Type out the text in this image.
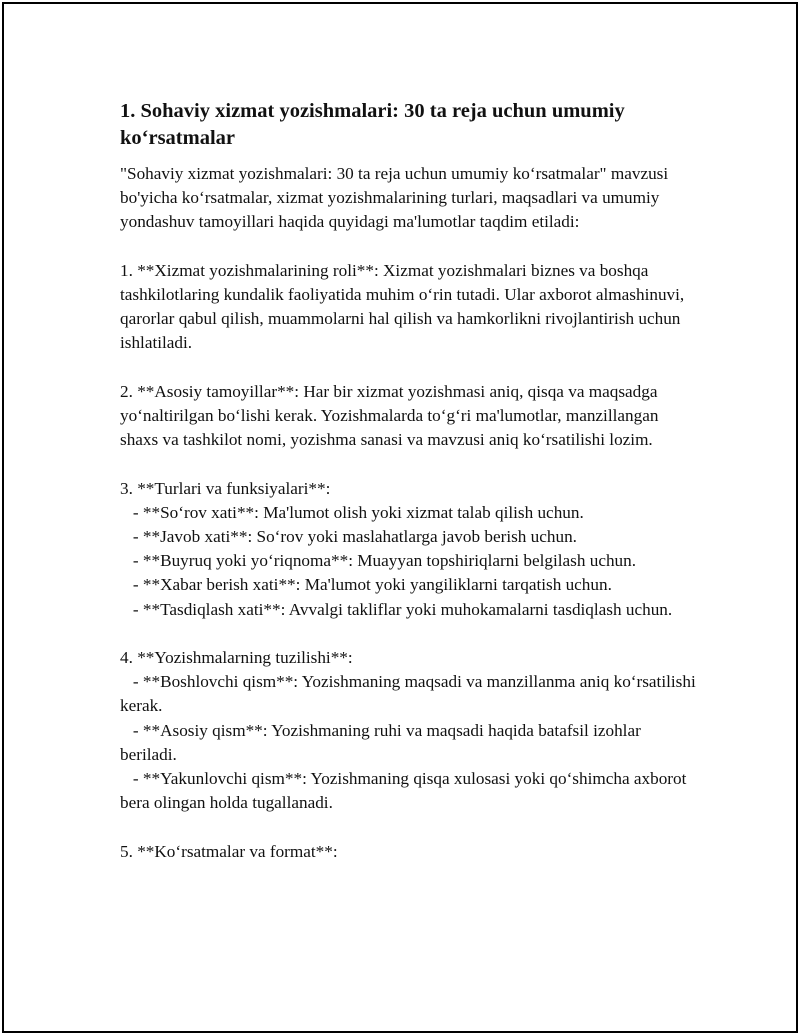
1. Sohaviy xizmat yozishmalari: 30 ta reja uchun umumiy koʻrsatmalar

"Sohaviy xizmat yozishmalari: 30 ta reja uchun umumiy koʻrsatmalar" mavzusi bo'yicha koʻrsatmalar, xizmat yozishmalarining turlari, maqsadlari va umumiy yondashuv tamoyillari haqida quyidagi ma'lumotlar taqdim etiladi:

1. **Xizmat yozishmalarining roli**: Xizmat yozishmalari biznes va boshqa tashkilotlaring kundalik faoliyatida muhim oʻrin tutadi. Ular axborot almashinuvi, qarorlar qabul qilish, muammolarni hal qilish va hamkorlikni rivojlantirish uchun ishlatiladi.

2. **Asosiy tamoyillar**: Har bir xizmat yozishmasi aniq, qisqa va maqsadga yoʻnaltirilgan boʻlishi kerak. Yozishmalarda toʻgʻri ma'lumotlar, manzillangan shaxs va tashkilot nomi, yozishma sanasi va mavzusi aniq koʻrsatilishi lozim.

3. **Turlari va funksiyalari**:

- **Soʻrov xati**: Ma'lumot olish yoki xizmat talab qilish uchun.

- **Javob xati**: Soʻrov yoki maslahatlarga javob berish uchun.

- **Buyruq yoki yoʻriqnoma**: Muayyan topshiriqlarni belgilash uchun.

- **Xabar berish xati**: Ma'lumot yoki yangiliklarni tarqatish uchun.

- **Tasdiqlash xati**: Avvalgi takliflar yoki muhokamalarni tasdiqlash uchun.

4. **Yozishmalarning tuzilishi**:

- **Boshlovchi qism**: Yozishmaning maqsadi va manzillanma aniq koʻrsatilishi kerak.

- **Asosiy qism**: Yozishmaning ruhi va maqsadi haqida batafsil izohlar beriladi.

- **Yakunlovchi qism**: Yozishmaning qisqa xulosasi yoki qoʻshimcha axborot bera olingan holda tugallanadi.

5. **Koʻrsatmalar va format**:
